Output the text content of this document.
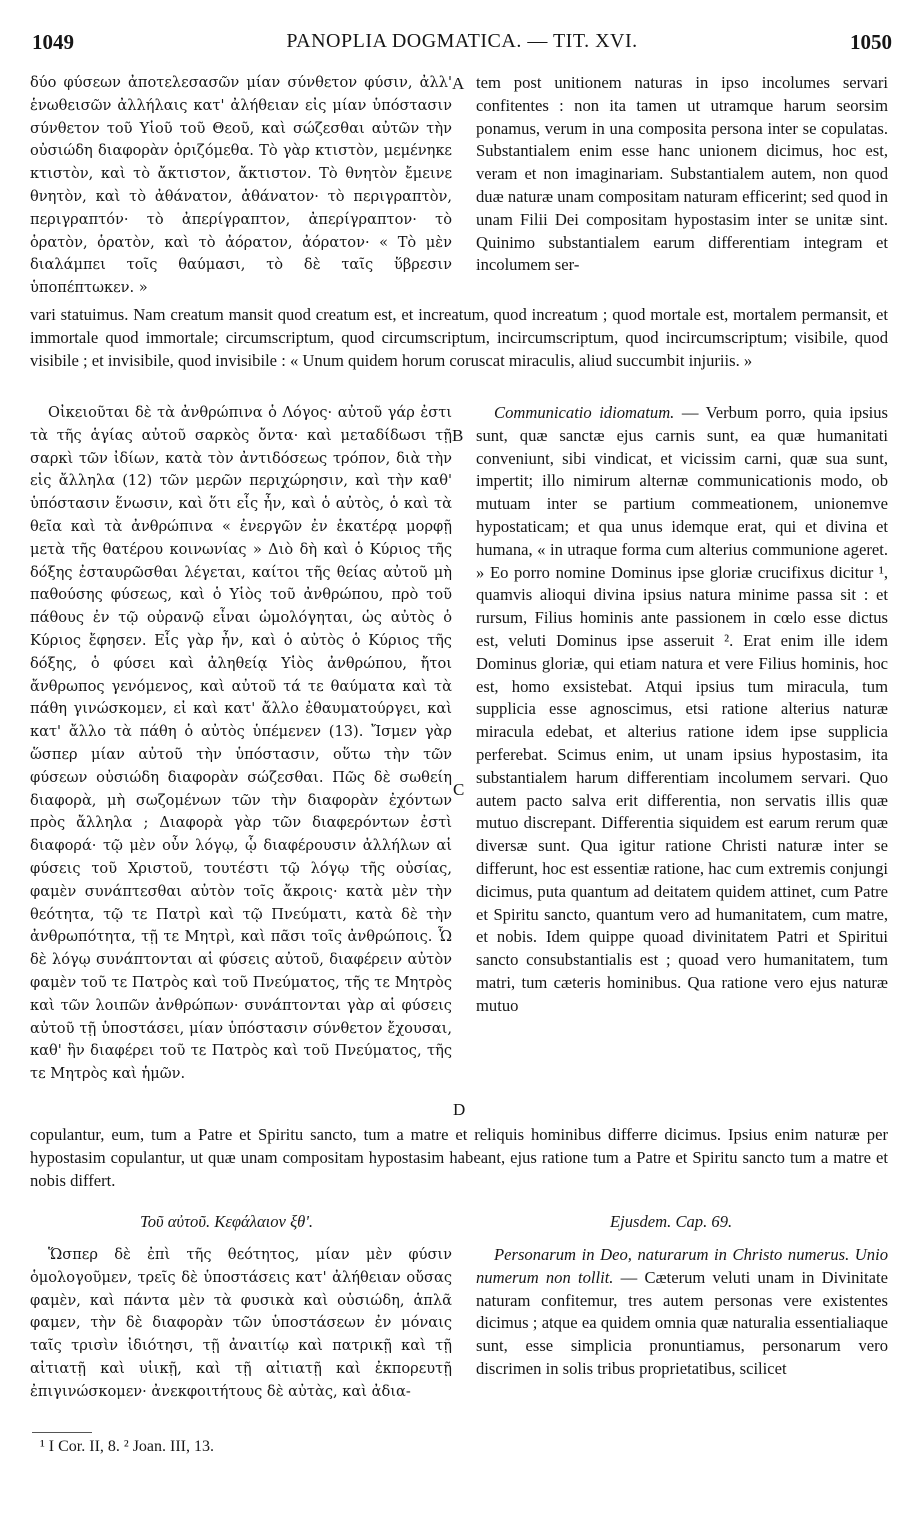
1049	PANOPLIA DOGMATICA. — TIT. XVI.	1050

δύο φύσεων ἀποτελεσασῶν μίαν σύνθετον φύσιν, ἀλλ' ἑνωθεισῶν ἀλλήλαις κατ' ἀλήθειαν εἰς μίαν ὑπόστασιν σύνθετον τοῦ Υἱοῦ τοῦ Θεοῦ, καὶ σώζεσθαι αὐτῶν τὴν οὐσιώδη διαφορὰν ὁριζόμεθα. Τὸ γὰρ κτιστὸν, μεμένηκε κτιστὸν, καὶ τὸ ἄκτιστον, ἄκτιστον. Τὸ θνητὸν ἔμεινε θνητὸν, καὶ τὸ ἀθάνατον, ἀθάνατον· τὸ περιγραπτὸν, περιγραπτόν· τὸ ἀπερίγραπτον, ἀπερίγραπτον· τὸ ὁρατὸν, ὁρατὸν, καὶ τὸ ἀόρατον, ἀόρατον· « Τὸ μὲν διαλάμπει τοῖς θαύμασι, τὸ δὲ ταῖς ὕβρεσιν ὑποπέπτωκεν. »

A tem post unitionem naturas in ipso incolumes servari confitentes : non ita tamen ut utramque harum seorsim ponamus, verum in una composita persona inter se copulatas. Substantialem enim esse hanc unionem dicimus, hoc est, veram et non imaginariam. Substantialem autem, non quod duæ naturæ unam compositam naturam efficerint; sed quod in unam Filii Dei compositam hypostasim inter se unitæ sint. Quinimo substantialem earum differentiam integram et incolumem ser-

vari statuimus. Nam creatum mansit quod creatum est, et increatum, quod increatum ; quod mortale est, mortalem permansit, et immortale quod immortale; circumscriptum, quod circumscriptum, incircumscriptum, quod incircumscriptum; visibile, quod visibile ; et invisibile, quod invisibile : « Unum quidem horum coruscat miraculis, aliud succumbit injuriis. »

Οἰκειοῦται δὲ τὰ ἀνθρώπινα ὁ Λόγος· αὐτοῦ γάρ ἐστι τὰ τῆς ἁγίας αὐτοῦ σαρκὸς ὄντα· καὶ μεταδίδωσι τῇ σαρκὶ τῶν ἰδίων, κατὰ τὸν ἀντιδόσεως τρόπον, διὰ τὴν εἰς ἄλληλα (12) τῶν μερῶν περιχώρησιν, καὶ τὴν καθ' ὑπόστασιν ἕνωσιν, καὶ ὅτι εἷς ἦν, καὶ ὁ αὐτὸς, ὁ καὶ τὰ θεῖα καὶ τὰ ἀνθρώπινα « ἐνεργῶν ἐν ἑκατέρᾳ μορφῇ μετὰ τῆς θατέρου κοινωνίας » Διὸ δὴ καὶ ὁ Κύριος τῆς δόξης ἐσταυρῶσθαι λέγεται, καίτοι τῆς θείας αὐτοῦ μὴ παθούσης φύσεως, καὶ ὁ Υἱὸς τοῦ ἀνθρώπου, πρὸ τοῦ πάθους ἐν τῷ οὐρανῷ εἶναι ὡμολόγηται, ὡς αὐτὸς ὁ Κύριος ἔφησεν. Εἷς γὰρ ἦν, καὶ ὁ αὐτὸς ὁ Κύριος τῆς δόξης, ὁ φύσει καὶ ἀληθείᾳ Υἱὸς ἀνθρώπου, ἤτοι ἄνθρωπος γενόμενος, καὶ αὐτοῦ τά τε θαύματα καὶ τὰ πάθη γινώσκομεν, εἰ καὶ κατ' ἄλλο ἐθαυματούργει, καὶ κατ' ἄλλο τὰ πάθη ὁ αὐτὸς ὑπέμενεν (13). Ἴσμεν γὰρ ὥσπερ μίαν αὐτοῦ τὴν ὑπόστασιν, οὕτω τὴν τῶν φύσεων οὐσιώδη διαφορὰν σώζεσθαι. Πῶς δὲ σωθείη διαφορὰ, μὴ σωζομένων τῶν τὴν διαφορὰν ἐχόντων πρὸς ἄλληλα ; Διαφορὰ γὰρ τῶν διαφερόντων ἐστὶ διαφορά· τῷ μὲν οὖν λόγῳ, ᾧ διαφέρουσιν ἀλλήλων αἱ φύσεις τοῦ Χριστοῦ, τουτέστι τῷ λόγῳ τῆς οὐσίας, φαμὲν συνάπτεσθαι αὐτὸν τοῖς ἄκροις· κατὰ μὲν τὴν θεότητα, τῷ τε Πατρὶ καὶ τῷ Πνεύματι, κατὰ δὲ τὴν ἀνθρωπότητα, τῇ τε Μητρὶ, καὶ πᾶσι τοῖς ἀνθρώποις. Ὧ δὲ λόγῳ συνάπτονται αἱ φύσεις αὐτοῦ, διαφέρειν αὐτὸν φαμὲν τοῦ τε Πατρὸς καὶ τοῦ Πνεύματος, τῆς τε Μητρὸς καὶ τῶν λοιπῶν ἀνθρώπων· συνάπτονται γὰρ αἱ φύσεις αὐτοῦ τῇ ὑποστάσει, μίαν ὑπόστασιν σύνθετον ἔχουσαι, καθ' ἣν διαφέρει τοῦ τε Πατρὸς καὶ τοῦ Πνεύματος, τῆς τε Μητρὸς καὶ ἡμῶν.

B
C
D

Communicatio idiomatum. — Verbum porro, quia ipsius sunt, quæ sanctæ ejus carnis sunt, ea quæ humanitati conveniunt, sibi vindicat, et vicissim carni, quæ sua sunt, impertit; illo nimirum alternæ communicationis modo, ob mutuam inter se partium commeationem, unionemve hypostaticam; et qua unus idemque erat, qui et divina et humana, « in utraque forma cum alterius communione ageret. » Eo porro nomine Dominus ipse gloriæ crucifixus dicitur ¹, quamvis alioqui divina ipsius natura minime passa sit : et rursum, Filius hominis ante passionem in cœlo esse dictus est, veluti Dominus ipse asseruit ². Erat enim ille idem Dominus gloriæ, qui etiam natura et vere Filius hominis, hoc est, homo exsistebat. Atqui ipsius tum miracula, tum supplicia esse agnoscimus, etsi ratione alterius naturæ miracula edebat, et alterius ratione idem ipse supplicia perferebat. Scimus enim, ut unam ipsius hypostasim, ita substantialem harum differentiam incolumem servari. Quo autem pacto salva erit differentia, non servatis illis quæ mutuo discrepant. Differentia siquidem est earum rerum quæ diversæ sunt. Qua igitur ratione Christi naturæ inter se differunt, hoc est essentiæ ratione, hac cum extremis conjungi dicimus, puta quantum ad deitatem quidem attinet, cum Patre et Spiritu sancto, quantum vero ad humanitatem, cum matre, et nobis. Idem quippe quoad divinitatem Patri et Spiritui sancto consubstantialis est ; quoad vero humanitatem, tum matri, tum cæteris hominibus. Qua ratione vero ejus naturæ mutuo

copulantur, eum, tum a Patre et Spiritu sancto, tum a matre et reliquis hominibus differre dicimus. Ipsius enim naturæ per hypostasim copulantur, ut quæ unam compositam hypostasim habeant, ejus ratione tum a Patre et Spiritu sancto tum a matre et nobis differt.

Τοῦ αὐτοῦ. Κεφάλαιον ξθ'.	Ejusdem. Cap. 69.

Ὥσπερ δὲ ἐπὶ τῆς θεότητος, μίαν μὲν φύσιν ὁμολογοῦμεν, τρεῖς δὲ ὑποστάσεις κατ' ἀλήθειαν οὔσας φαμὲν, καὶ πάντα μὲν τὰ φυσικὰ καὶ οὐσιώδη, ἁπλᾶ φαμεν, τὴν δὲ διαφορὰν τῶν ὑποστάσεων ἐν μόναις ταῖς τρισὶν ἰδιότησι, τῇ ἀναιτίῳ καὶ πατρικῇ καὶ τῇ αἰτιατῇ καὶ υἱικῇ, καὶ τῇ αἰτιατῇ καὶ ἐκπορευτῇ ἐπιγινώσκομεν· ἀνεκφοιτήτους δὲ αὐτὰς, καὶ ἀδια-

Personarum in Deo, naturarum in Christo numerus. Unio numerum non tollit. — Cæterum veluti unam in Divinitate naturam confitemur, tres autem personas vere existentes dicimus ; atque ea quidem omnia quæ naturalia essentialiaque sunt, esse simplicia pronuntiamus, personarum vero discrimen in solis tribus proprietatibus, scilicet

¹ I Cor. II, 8. ² Joan. III, 13.
